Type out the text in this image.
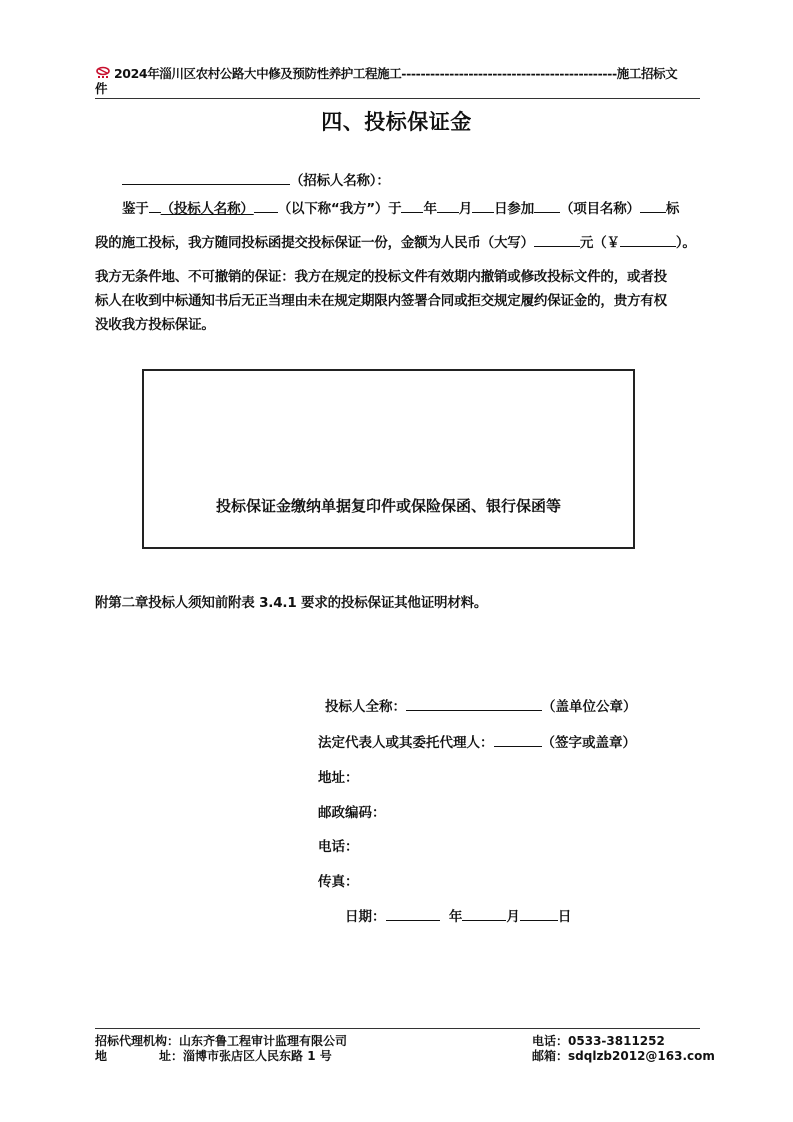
2024年淄川区农村公路大中修及预防性养护工程施工---------------------------------------------施工招标文
件
四、投标保证金
（招标人名称）：
鉴于 （投标人名称） （以下称“我方”）于 年 月 日参加 （项目名称） 标
段的施工投标，我方随同投标函提交投标保证一份，金额为人民币（大写）	元（￥	）。
我方无条件地、不可撤销的保证：我方在规定的投标文件有效期内撤销或修改投标文件的，或者投
标人在收到中标通知书后无正当理由未在规定期限内签署合同或拒交规定履约保证金的，贵方有权
没收我方投标保证。
投标保证金缴纳单据复印件或保险保函、银行保函等
附第二章投标人须知前附表 3.4.1 要求的投标保证其他证明材料。
投标人全称：	（盖单位公章）
法定代表人或其委托代理人：	（签字或盖章）
地址：
邮政编码：
电话：
传真：
日期：	年	月	日
招标代理机构：山东齐鲁工程审计监理有限公司
地	址：淄博市张店区人民东路 1 号
电话：0533-3811252
邮箱：sdqlzb2012@163.com
